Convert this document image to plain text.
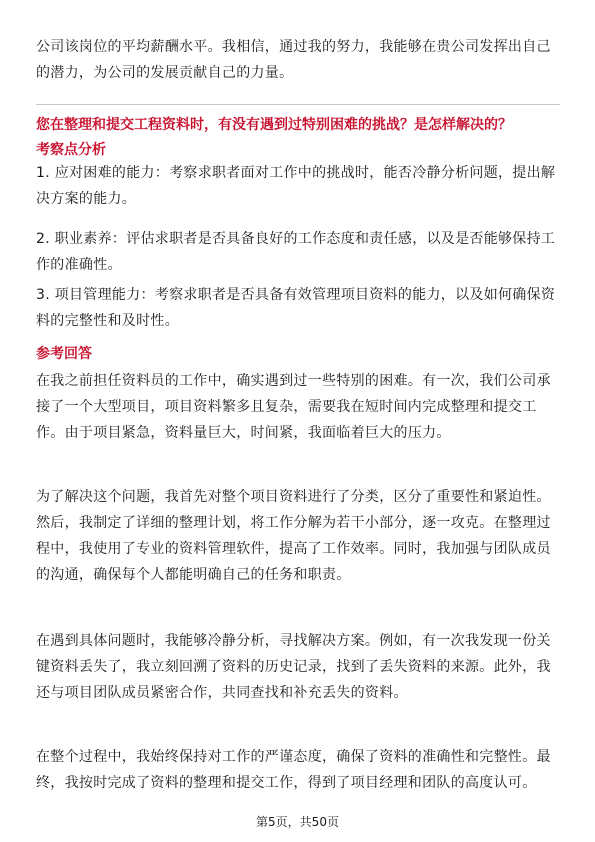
公司该岗位的平均薪酬水平。我相信，通过我的努力，我能够在贵公司发挥出自己的潜力，为公司的发展贡献自己的力量。

您在整理和提交工程资料时，有没有遇到过特别困难的挑战？是怎样解决的？

考察点分析

1. 应对困难的能力：考察求职者面对工作中的挑战时，能否冷静分析问题，提出解决方案的能力。

2. 职业素养：评估求职者是否具备良好的工作态度和责任感，以及是否能够保持工作的准确性。

3. 项目管理能力：考察求职者是否具备有效管理项目资料的能力，以及如何确保资料的完整性和及时性。

参考回答

在我之前担任资料员的工作中，确实遇到过一些特别的困难。有一次，我们公司承接了一个大型项目，项目资料繁多且复杂，需要我在短时间内完成整理和提交工作。由于项目紧急，资料量巨大，时间紧，我面临着巨大的压力。

为了解决这个问题，我首先对整个项目资料进行了分类，区分了重要性和紧迫性。然后，我制定了详细的整理计划，将工作分解为若干小部分，逐一攻克。在整理过程中，我使用了专业的资料管理软件，提高了工作效率。同时，我加强与团队成员的沟通，确保每个人都能明确自己的任务和职责。

在遇到具体问题时，我能够冷静分析，寻找解决方案。例如，有一次我发现一份关键资料丢失了，我立刻回溯了资料的历史记录，找到了丢失资料的来源。此外，我还与项目团队成员紧密合作，共同查找和补充丢失的资料。

在整个过程中，我始终保持对工作的严谨态度，确保了资料的准确性和完整性。最终，我按时完成了资料的整理和提交工作，得到了项目经理和团队的高度认可。

第5页，共50页
